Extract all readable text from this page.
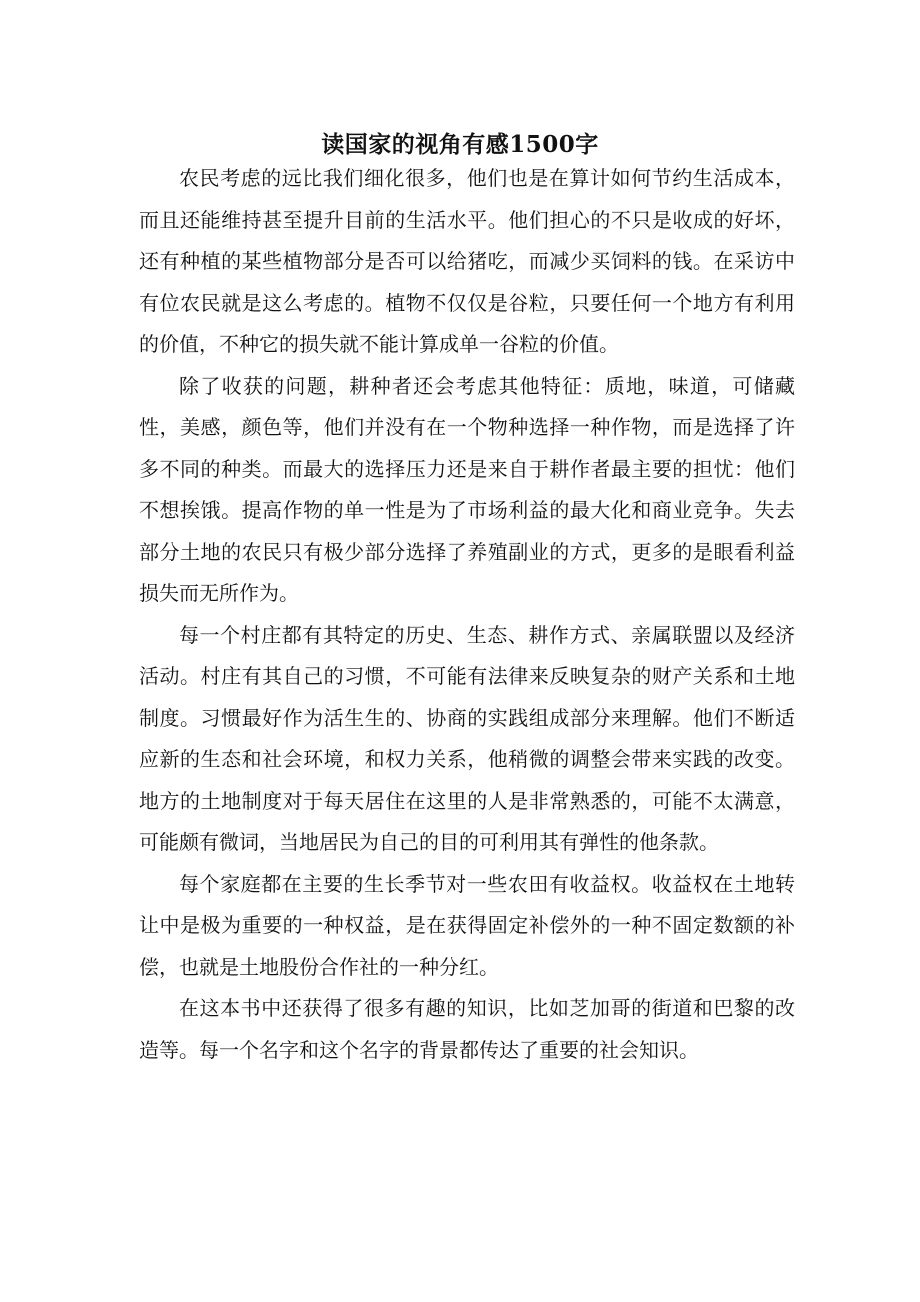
读国家的视角有感1500字

农民考虑的远比我们细化很多，他们也是在算计如何节约生活成本，而且还能维持甚至提升目前的生活水平。他们担心的不只是收成的好坏，还有种植的某些植物部分是否可以给猪吃，而减少买饲料的钱。在采访中有位农民就是这么考虑的。植物不仅仅是谷粒，只要任何一个地方有利用的价值，不种它的损失就不能计算成单一谷粒的价值。

除了收获的问题，耕种者还会考虑其他特征：质地，味道，可储藏性，美感，颜色等，他们并没有在一个物种选择一种作物，而是选择了许多不同的种类。而最大的选择压力还是来自于耕作者最主要的担忧：他们不想挨饿。提高作物的单一性是为了市场利益的最大化和商业竞争。失去部分土地的农民只有极少部分选择了养殖副业的方式，更多的是眼看利益损失而无所作为。

每一个村庄都有其特定的历史、生态、耕作方式、亲属联盟以及经济活动。村庄有其自己的习惯，不可能有法律来反映复杂的财产关系和土地制度。习惯最好作为活生生的、协商的实践组成部分来理解。他们不断适应新的生态和社会环境，和权力关系，他稍微的调整会带来实践的改变。地方的土地制度对于每天居住在这里的人是非常熟悉的，可能不太满意，可能颇有微词，当地居民为自己的目的可利用其有弹性的他条款。

每个家庭都在主要的生长季节对一些农田有收益权。收益权在土地转让中是极为重要的一种权益，是在获得固定补偿外的一种不固定数额的补偿，也就是土地股份合作社的一种分红。

在这本书中还获得了很多有趣的知识，比如芝加哥的街道和巴黎的改造等。每一个名字和这个名字的背景都传达了重要的社会知识。
